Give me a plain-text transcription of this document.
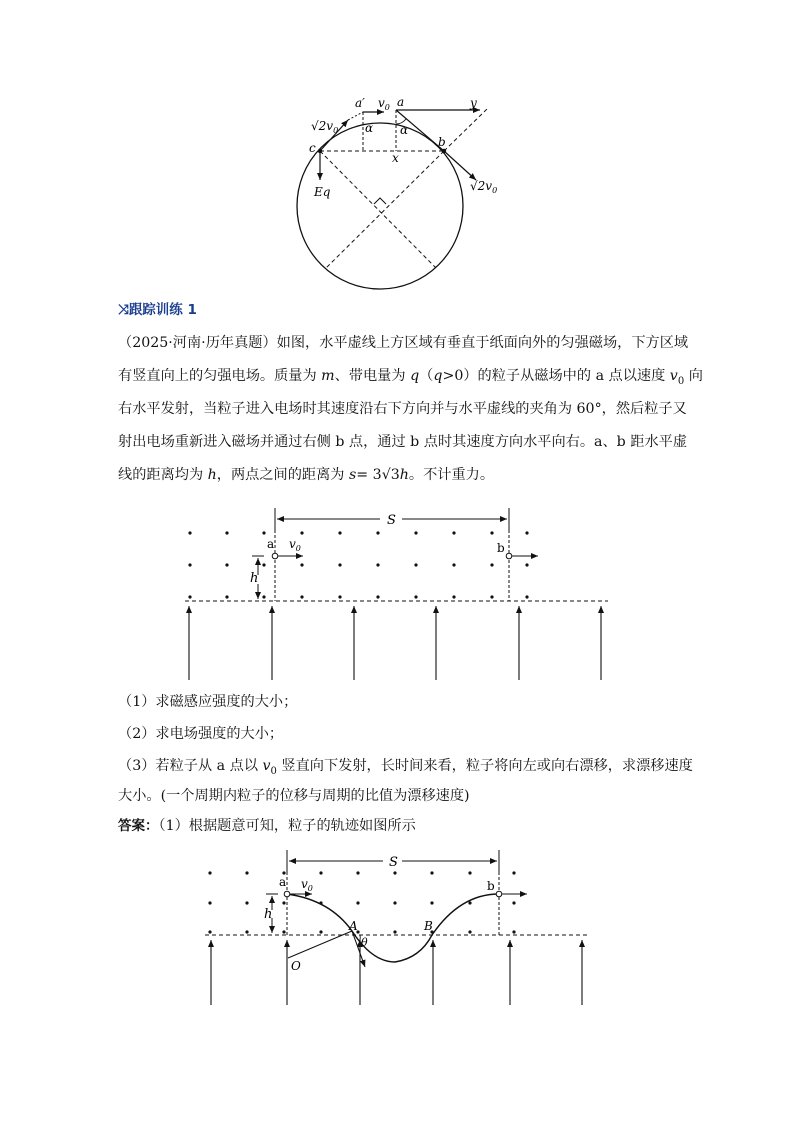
a′ $v_0$ a	y
$√2v_0$ α α
b
c
x
Eq	$√2v_0$
⤨跟踪训练 1
（2025·河南·历年真题）如图，水平虚线上方区域有垂直于纸面向外的匀强磁场，下方区域
有竖直向上的匀强电场。质量为 m、带电量为 q（q>0）的粒子从磁场中的 a 点以速度 $v_0$ 向
右水平发射，当粒子进入电场时其速度沿右下方向并与水平虚线的夹角为 60°，然后粒子又
射出电场重新进入磁场并通过右侧 b 点，通过 b 点时其速度方向水平向右。a、b 距水平虚
线的距离均为 h，两点之间的距离为 s= 3√3h。不计重力。
S
h
a	b
$v_0$
（1）求磁感应强度的大小；
（2）求电场强度的大小；
（3）若粒子从 a 点以 $v_0$ 竖直向下发射，长时间来看，粒子将向左或向右漂移，求漂移速度
大小。(一个周期内粒子的位移与周期的比值为漂移速度)
答案：（1）根据题意可知，粒子的轨迹如图所示
S
h
O
θ
A	B
a	b
$v_0$
